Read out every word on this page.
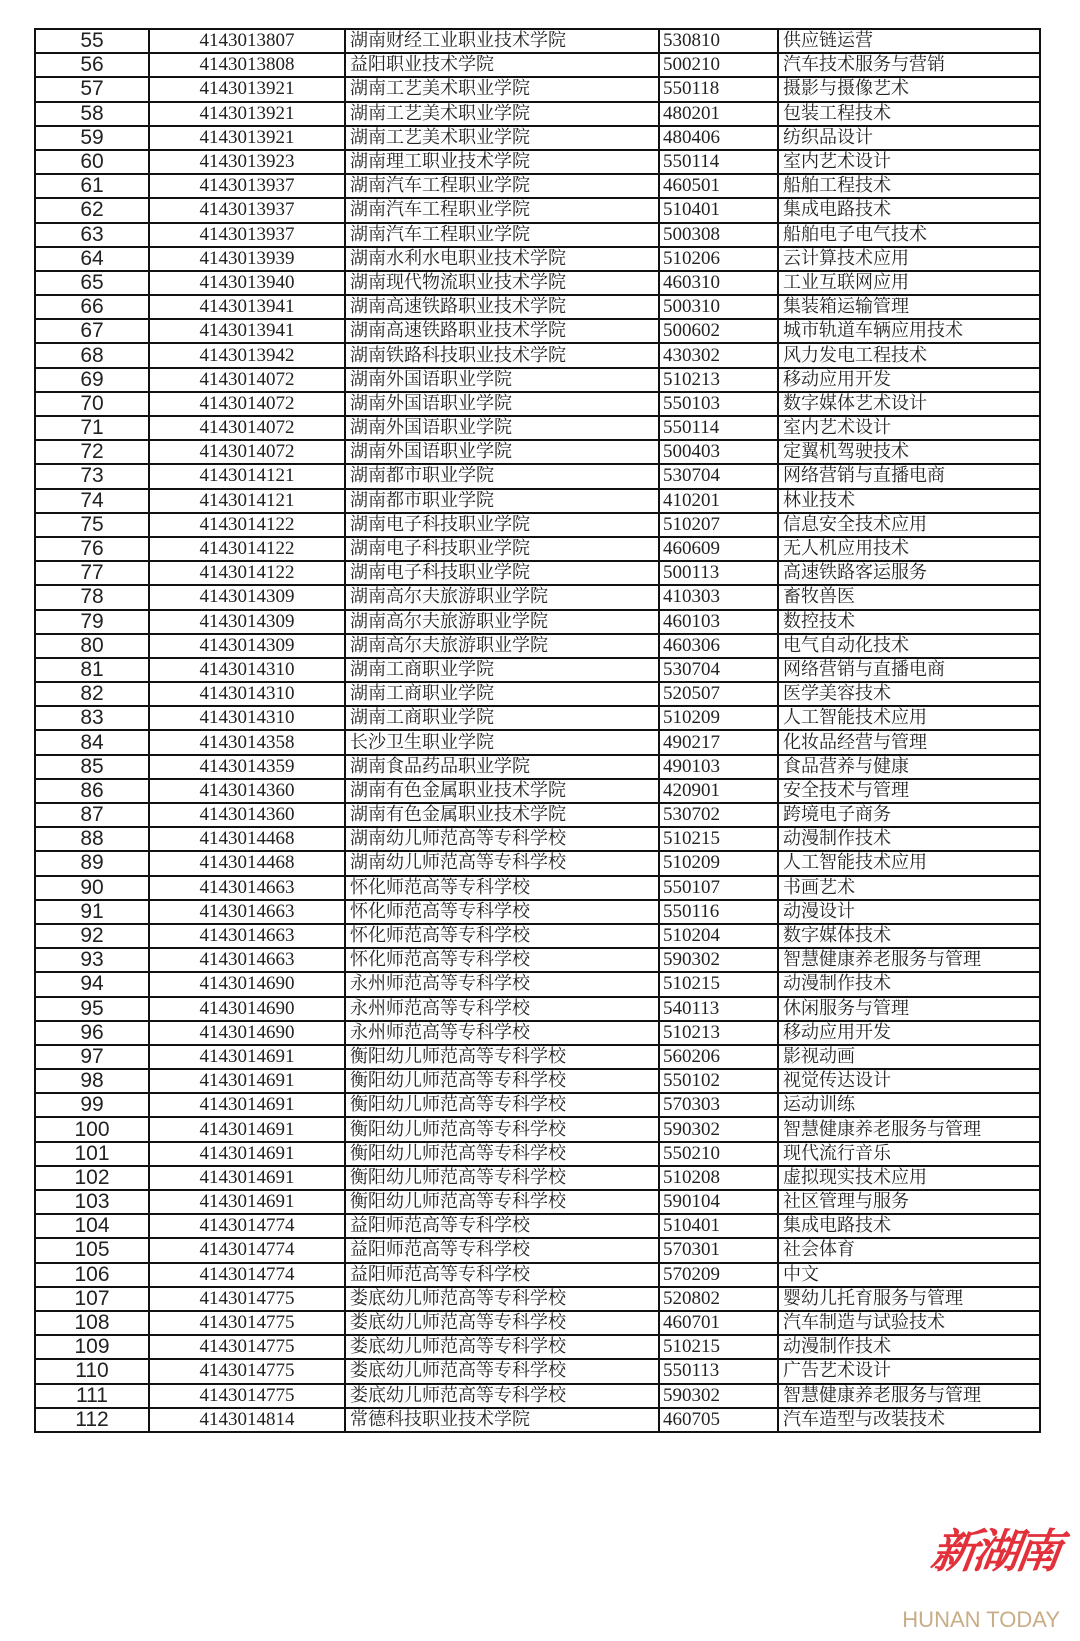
55	4143013807	湖南财经工业职业技术学院	530810	供应链运营
56	4143013808	益阳职业技术学院	500210	汽车技术服务与营销
57	4143013921	湖南工艺美术职业学院	550118	摄影与摄像艺术
58	4143013921	湖南工艺美术职业学院	480201	包装工程技术
59	4143013921	湖南工艺美术职业学院	480406	纺织品设计
60	4143013923	湖南理工职业技术学院	550114	室内艺术设计
61	4143013937	湖南汽车工程职业学院	460501	船舶工程技术
62	4143013937	湖南汽车工程职业学院	510401	集成电路技术
63	4143013937	湖南汽车工程职业学院	500308	船舶电子电气技术
64	4143013939	湖南水利水电职业技术学院	510206	云计算技术应用
65	4143013940	湖南现代物流职业技术学院	460310	工业互联网应用
66	4143013941	湖南高速铁路职业技术学院	500310	集装箱运输管理
67	4143013941	湖南高速铁路职业技术学院	500602	城市轨道车辆应用技术
68	4143013942	湖南铁路科技职业技术学院	430302	风力发电工程技术
69	4143014072	湖南外国语职业学院	510213	移动应用开发
70	4143014072	湖南外国语职业学院	550103	数字媒体艺术设计
71	4143014072	湖南外国语职业学院	550114	室内艺术设计
72	4143014072	湖南外国语职业学院	500403	定翼机驾驶技术
73	4143014121	湖南都市职业学院	530704	网络营销与直播电商
74	4143014121	湖南都市职业学院	410201	林业技术
75	4143014122	湖南电子科技职业学院	510207	信息安全技术应用
76	4143014122	湖南电子科技职业学院	460609	无人机应用技术
77	4143014122	湖南电子科技职业学院	500113	高速铁路客运服务
78	4143014309	湖南高尔夫旅游职业学院	410303	畜牧兽医
79	4143014309	湖南高尔夫旅游职业学院	460103	数控技术
80	4143014309	湖南高尔夫旅游职业学院	460306	电气自动化技术
81	4143014310	湖南工商职业学院	530704	网络营销与直播电商
82	4143014310	湖南工商职业学院	520507	医学美容技术
83	4143014310	湖南工商职业学院	510209	人工智能技术应用
84	4143014358	长沙卫生职业学院	490217	化妆品经营与管理
85	4143014359	湖南食品药品职业学院	490103	食品营养与健康
86	4143014360	湖南有色金属职业技术学院	420901	安全技术与管理
87	4143014360	湖南有色金属职业技术学院	530702	跨境电子商务
88	4143014468	湖南幼儿师范高等专科学校	510215	动漫制作技术
89	4143014468	湖南幼儿师范高等专科学校	510209	人工智能技术应用
90	4143014663	怀化师范高等专科学校	550107	书画艺术
91	4143014663	怀化师范高等专科学校	550116	动漫设计
92	4143014663	怀化师范高等专科学校	510204	数字媒体技术
93	4143014663	怀化师范高等专科学校	590302	智慧健康养老服务与管理
94	4143014690	永州师范高等专科学校	510215	动漫制作技术
95	4143014690	永州师范高等专科学校	540113	休闲服务与管理
96	4143014690	永州师范高等专科学校	510213	移动应用开发
97	4143014691	衡阳幼儿师范高等专科学校	560206	影视动画
98	4143014691	衡阳幼儿师范高等专科学校	550102	视觉传达设计
99	4143014691	衡阳幼儿师范高等专科学校	570303	运动训练
100	4143014691	衡阳幼儿师范高等专科学校	590302	智慧健康养老服务与管理
101	4143014691	衡阳幼儿师范高等专科学校	550210	现代流行音乐
102	4143014691	衡阳幼儿师范高等专科学校	510208	虚拟现实技术应用
103	4143014691	衡阳幼儿师范高等专科学校	590104	社区管理与服务
104	4143014774	益阳师范高等专科学校	510401	集成电路技术
105	4143014774	益阳师范高等专科学校	570301	社会体育
106	4143014774	益阳师范高等专科学校	570209	中文
107	4143014775	娄底幼儿师范高等专科学校	520802	婴幼儿托育服务与管理
108	4143014775	娄底幼儿师范高等专科学校	460701	汽车制造与试验技术
109	4143014775	娄底幼儿师范高等专科学校	510215	动漫制作技术
110	4143014775	娄底幼儿师范高等专科学校	550113	广告艺术设计
111	4143014775	娄底幼儿师范高等专科学校	590302	智慧健康养老服务与管理
112	4143014814	常德科技职业技术学院	460705	汽车造型与改装技术
新湖南
HUNAN TODAY
